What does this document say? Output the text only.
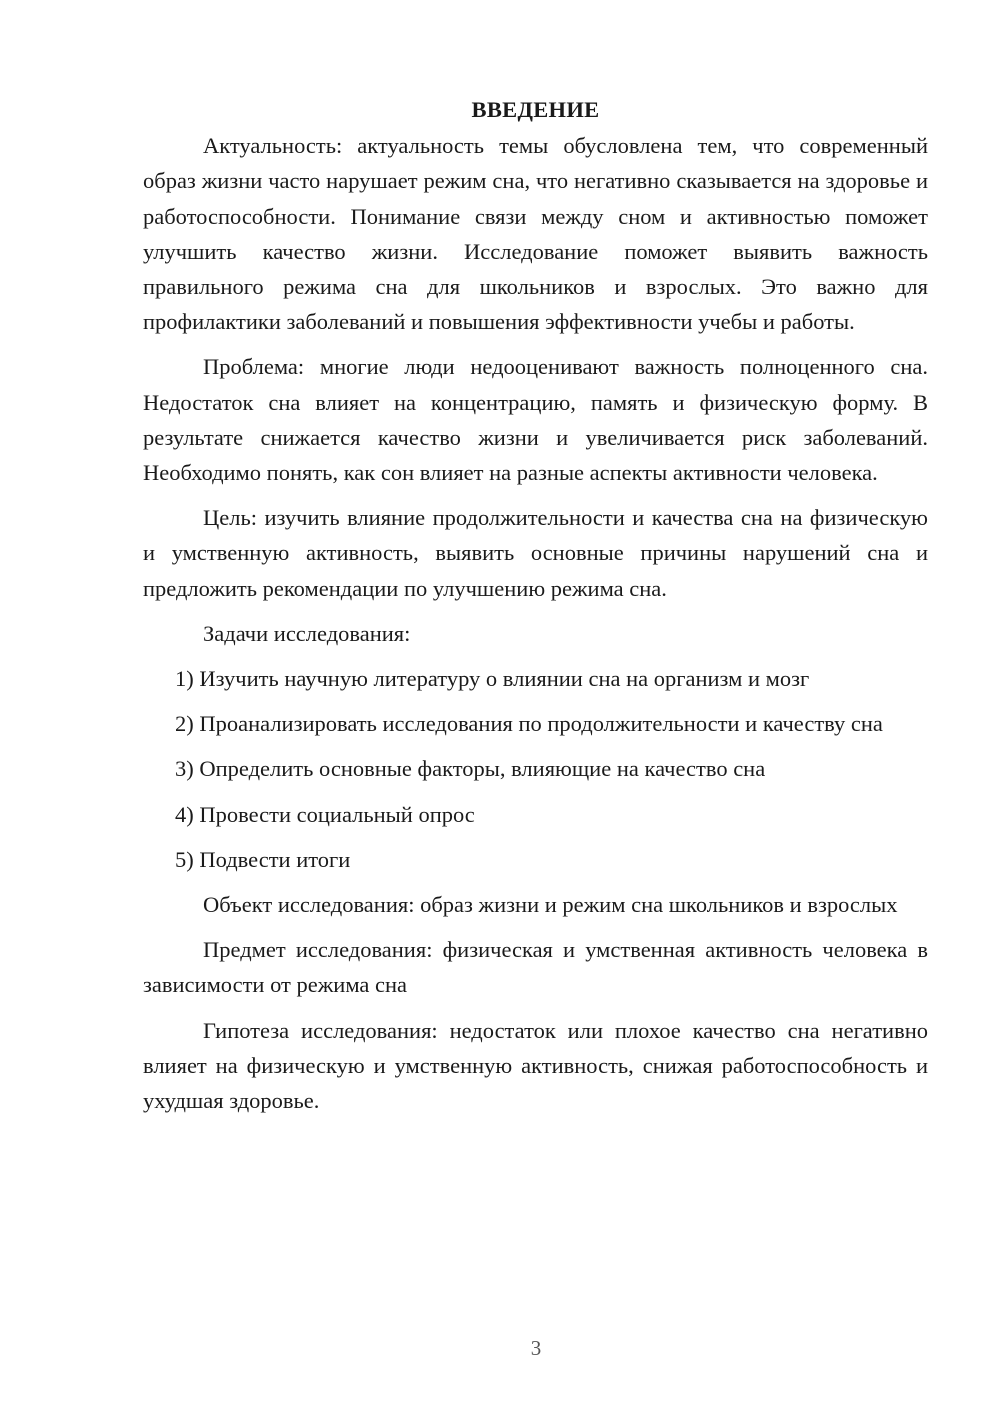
ВВЕДЕНИЕ

Актуальность: актуальность темы обусловлена тем, что современный образ жизни часто нарушает режим сна, что негативно сказывается на здоровье и работоспособности. Понимание связи между сном и активностью поможет улучшить качество жизни. Исследование поможет выявить важность правильного режима сна для школьников и взрослых. Это важно для профилактики заболеваний и повышения эффективности учебы и работы.

Проблема: многие люди недооценивают важность полноценного сна. Недостаток сна влияет на концентрацию, память и физическую форму. В результате снижается качество жизни и увеличивается риск заболеваний. Необходимо понять, как сон влияет на разные аспекты активности человека.

Цель: изучить влияние продолжительности и качества сна на физическую и умственную активность, выявить основные причины нарушений сна и предложить рекомендации по улучшению режима сна.

Задачи исследования:

1) Изучить научную литературу о влиянии сна на организм и мозг

2) Проанализировать исследования по продолжительности и качеству сна

3) Определить основные факторы, влияющие на качество сна

4) Провести социальный опрос

5) Подвести итоги

Объект исследования: образ жизни и режим сна школьников и взрослых

Предмет исследования: физическая и умственная активность человека в зависимости от режима сна

Гипотеза исследования: недостаток или плохое качество сна негативно влияет на физическую и умственную активность, снижая работоспособность и ухудшая здоровье.

3
